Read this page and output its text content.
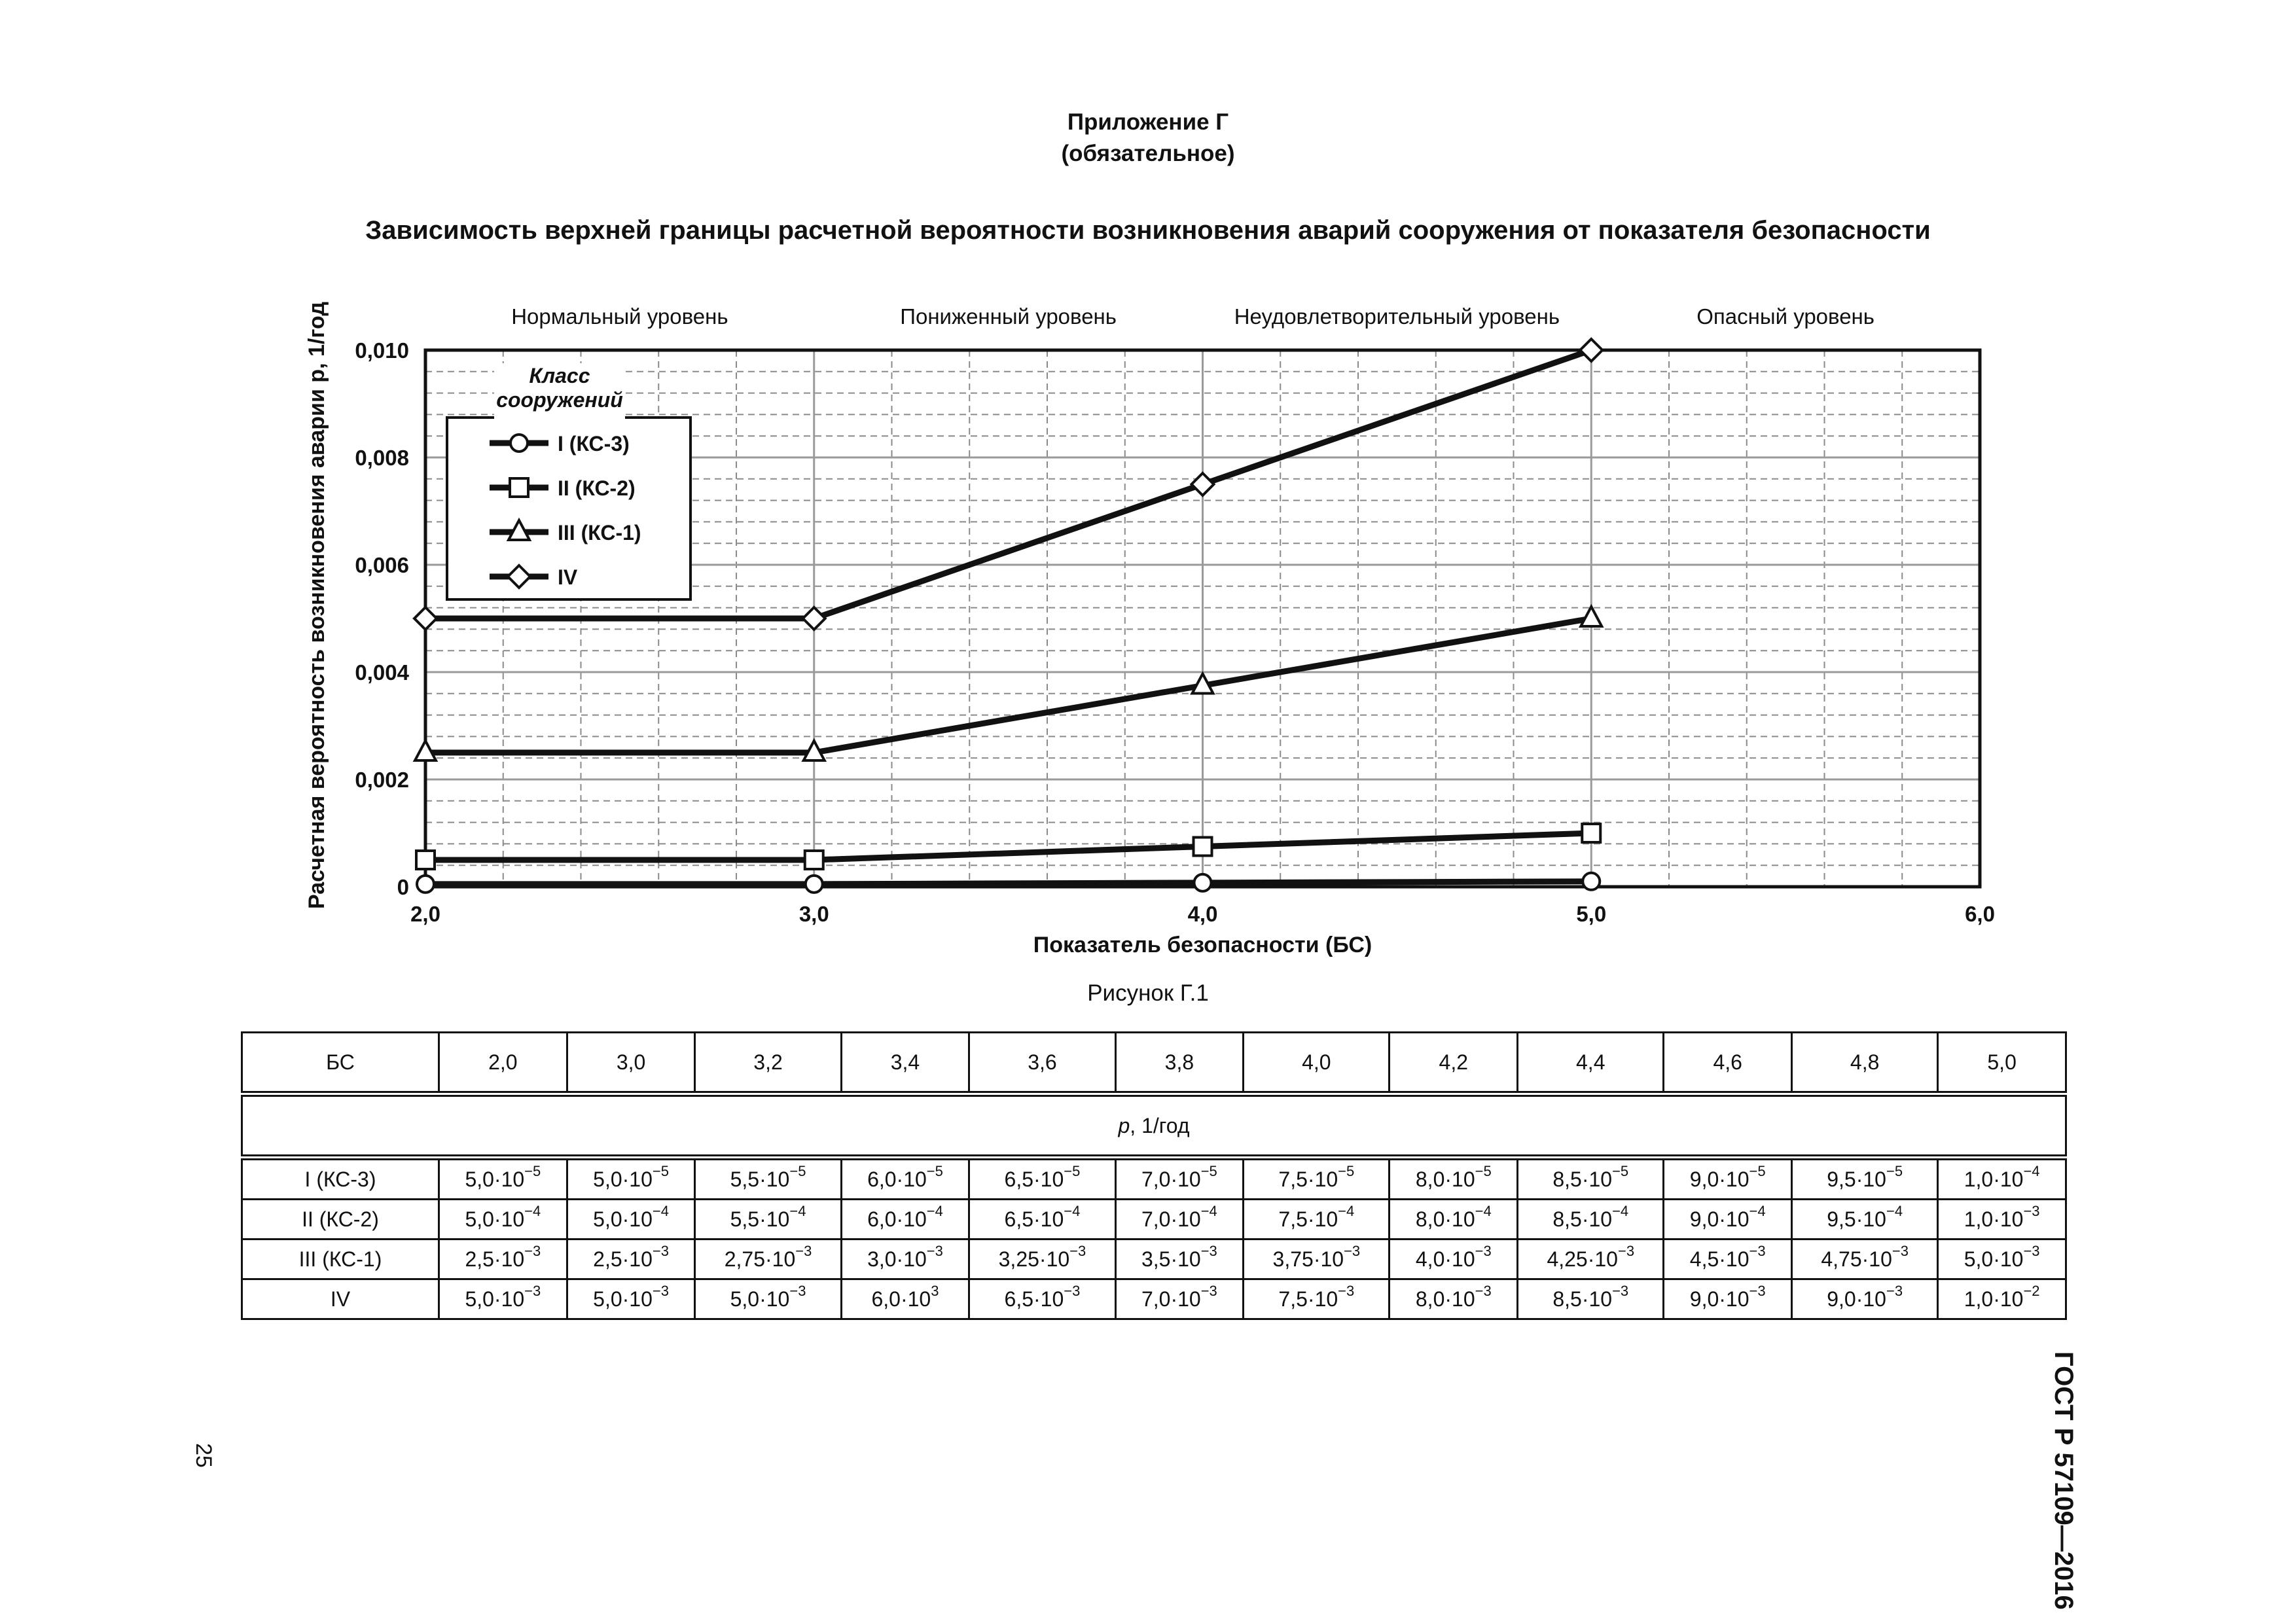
Приложение Г
(обязательное)
Зависимость верхней границы расчетной вероятности возникновения аварий сооружения от показателя безопасности
Нормальный уровень	Пониженный уровень	Неудовлетворительный уровень	Опасный уровень
2,0	3,0	4,0	5,0	6,0
0
0,002
0,004
0,006
0,008
0,010
Показатель безопасности (БС)
Расчетная вероятность возникновения аварии p, 1/год	Класс
сооружений
I (КС-3)
II (КС-2)
III (КС-1)
IV
Рисунок Г.1
БС	2,0	3,0	3,2	3,4	3,6	3,8	4,0	4,2	4,4	4,6	4,8	5,0
p, 1/год												
I (КС-3)	$5,0\cdot 10^{-5}$	$5,0\cdot 10^{-5}$	$5,5\cdot 10^{-5}$	$6,0\cdot 10^{-5}$	$6,5\cdot 10^{-5}$	$7,0\cdot 10^{-5}$	$7,5\cdot 10^{-5}$	$8,0\cdot 10^{-5}$	$8,5\cdot 10^{-5}$	$9,0\cdot 10^{-5}$	$9,5\cdot 10^{-5}$	$1,0\cdot 10^{-4}$
II (КС-2)	$5,0\cdot 10^{-4}$	$5,0\cdot 10^{-4}$	$5,5\cdot 10^{-4}$	$6,0\cdot 10^{-4}$	$6,5\cdot 10^{-4}$	$7,0\cdot 10^{-4}$	$7,5\cdot 10^{-4}$	$8,0\cdot 10^{-4}$	$8,5\cdot 10^{-4}$	$9,0\cdot 10^{-4}$	$9,5\cdot 10^{-4}$	$1,0\cdot 10^{-3}$
III (КС-1)	$2,5\cdot 10^{-3}$	$2,5\cdot 10^{-3}$	$2,75\cdot 10^{-3}$	$3,0\cdot 10^{-3}$	$3,25\cdot 10^{-3}$	$3,5\cdot 10^{-3}$	$3,75\cdot 10^{-3}$	$4,0\cdot 10^{-3}$	$4,25\cdot 10^{-3}$	$4,5\cdot 10^{-3}$	$4,75\cdot 10^{-3}$	$5,0\cdot 10^{-3}$
IV	$5,0\cdot 10^{-3}$	$5,0\cdot 10^{-3}$	$5,0\cdot 10^{-3}$	$6,0\cdot 10^3$	$6,5\cdot 10^{-3}$	$7,0\cdot 10^{-3}$	$7,5\cdot 10^{-3}$	$8,0\cdot 10^{-3}$	$8,5\cdot 10^{-3}$	$9,0\cdot 10^{-3}$	$9,0\cdot 10^{-3}$	$1,0\cdot 10^{-2}$
ГОСТ Р 57109—2016
25
